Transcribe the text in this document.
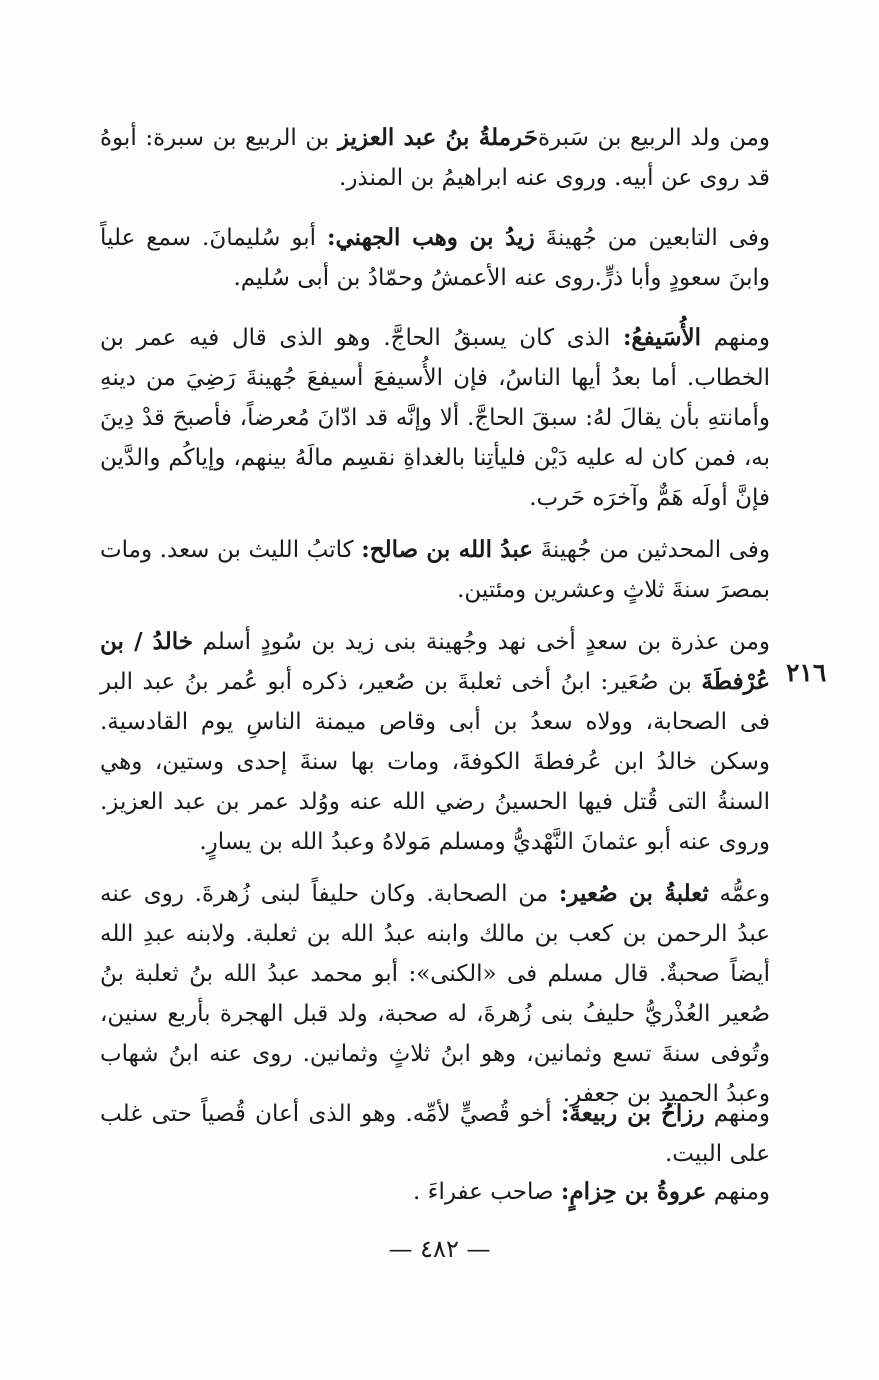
ومن ولد الربيع بن سَبرةحَرملةُ بنُ عبد العزيز بن الربيع بن سبرة: أبوهُ قد روى عن أبيه. وروى عنه ابراهيمُ بن المنذر.

وفى التابعين من جُهينةَ زيدُ بن وهب الجهني: أبو سُليمانَ. سمع علياً وابنَ سعودٍ وأبا ذرٍّ.روى عنه الأعمشُ وحمّادُ بن أبى سُليم.

ومنهم الأُسَيفعُ: الذى كان يسبقُ الحاجَّ. وهو الذى قال فيه عمر بن الخطاب. أما بعدُ أيها الناسُ، فإن الأُسيفعَ أسيفعَ جُهينةَ رَضِيَ من دينهِ وأمانتهِ بأن يقالَ لهُ: سبقَ الحاجَّ. ألا وإنَّه قد ادّانَ مُعرضاً، فأصبحَ قدْ دِينَ به، فمن كان له عليه دَيْن فليأتِنا بالغداةِ نقسِم مالَهُ بينهم، وإياكُم والدَّين فإنَّ أولَه هَمٌّ وآخرَه حَرب.

وفى المحدثين من جُهينةَ عبدُ الله بن صالح: كاتبُ الليث بن سعد. ومات بمصرَ سنةَ ثلاثٍ وعشرين ومئتين.

ومن عذرة بن سعدٍ أخى نهد وجُهينة بنى زيد بن سُودٍ أسلم خالدُ / بن عُرْفطَةَ بن صُعَير: ابنُ أخى ثعلبةَ بن صُعير، ذكره أبو عُمر بنُ عبد البر فى الصحابة، وولاه سعدُ بن أبى وقاص ميمنة الناسِ يوم القادسية. وسكن خالدُ ابن عُرفطةَ الكوفةَ، ومات بها سنةَ إحدى وستين، وهي السنةُ التى قُتل فيها الحسينُ رضي الله عنه ووُلد عمر بن عبد العزيز. وروى عنه أبو عثمانَ النَّهْديُّ ومسلم مَولاهُ وعبدُ الله بن يسارٍ.

٢١٦

وعمُّه ثعلبةُ بن صُعير: من الصحابة. وكان حليفاً لبنى زُهرةَ. روى عنه عبدُ الرحمن بن كعب بن مالك وابنه عبدُ الله بن ثعلبة. ولابنه عبدِ الله أيضاً صحبةٌ. قال مسلم فى «الكنى»: أبو محمد عبدُ الله بنُ ثعلبة بنُ صُعير العُذْريُّ حليفُ بنى زُهرةَ، له صحبة، ولد قبل الهجرة بأربع سنين، وتُوفى سنةَ تسع وثمانين، وهو ابنُ ثلاثٍ وثمانين. روى عنه ابنُ شهاب وعبدُ الحميد بن جعفر.

ومنهم رزاحُ بن ربيعةَ: أخو قُصيٍّ لأمِّه. وهو الذى أعان قُصياً حتى غلب على البيت.

ومنهم عروةُ بن حِزامٍ: صاحب عفراءَ .

— ٤٨٢ —
